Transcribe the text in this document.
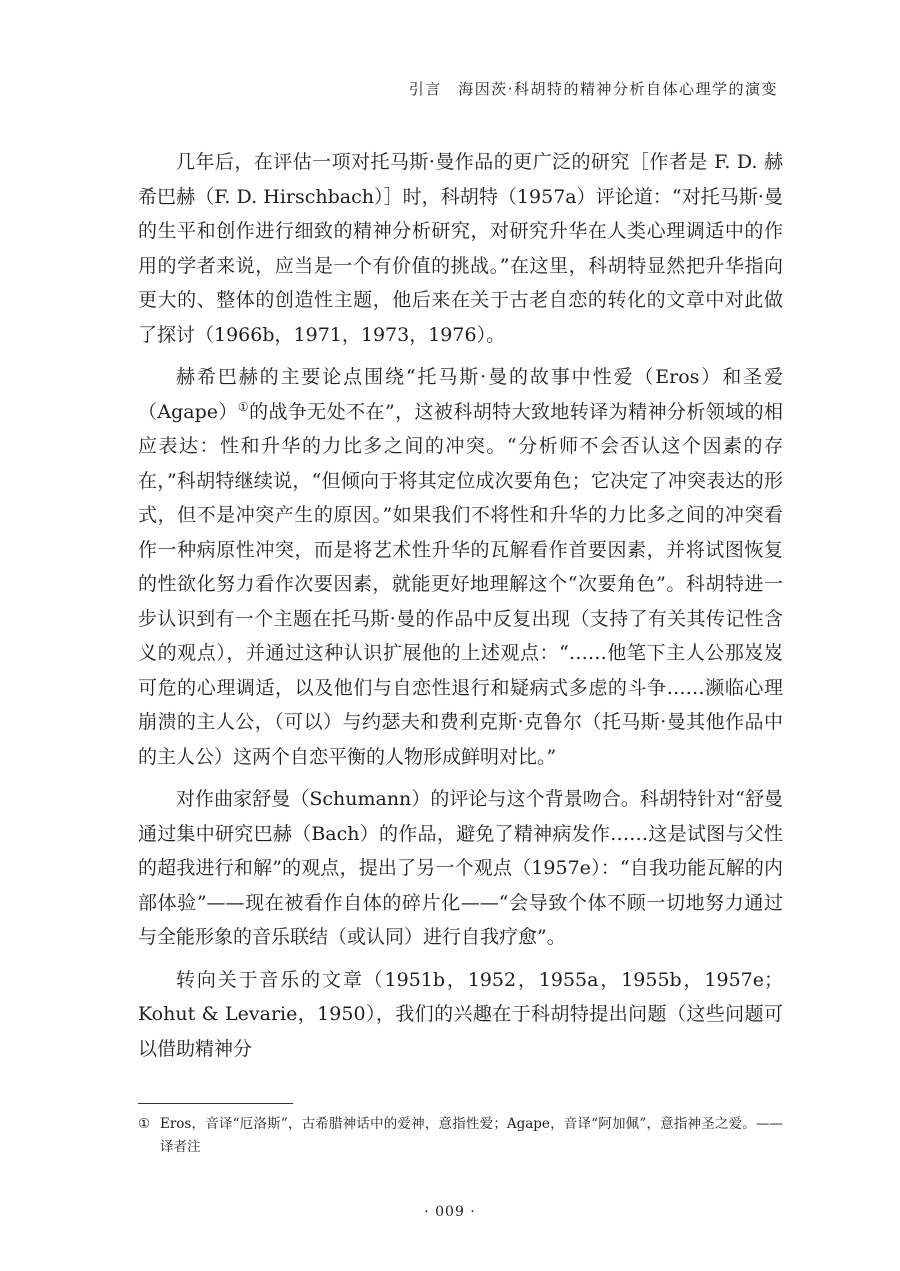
引言　海因茨·科胡特的精神分析自体心理学的演变

几年后，在评估一项对托马斯·曼作品的更广泛的研究［作者是 F. D. 赫希巴赫（F. D. Hirschbach）］时，科胡特（1957a）评论道：“对托马斯·曼的生平和创作进行细致的精神分析研究，对研究升华在人类心理调适中的作用的学者来说，应当是一个有价值的挑战。”在这里，科胡特显然把升华指向更大的、整体的创造性主题，他后来在关于古老自恋的转化的文章中对此做了探讨（1966b，1971，1973，1976）。

赫希巴赫的主要论点围绕“托马斯·曼的故事中性爱（Eros）和圣爱（Agape）①的战争无处不在”，这被科胡特大致地转译为精神分析领域的相应表达：性和升华的力比多之间的冲突。“分析师不会否认这个因素的存在，”科胡特继续说，“但倾向于将其定位成次要角色；它决定了冲突表达的形式，但不是冲突产生的原因。”如果我们不将性和升华的力比多之间的冲突看作一种病原性冲突，而是将艺术性升华的瓦解看作首要因素，并将试图恢复的性欲化努力看作次要因素，就能更好地理解这个“次要角色”。科胡特进一步认识到有一个主题在托马斯·曼的作品中反复出现（支持了有关其传记性含义的观点），并通过这种认识扩展他的上述观点：“……他笔下主人公那岌岌可危的心理调适，以及他们与自恋性退行和疑病式多虑的斗争……濒临心理崩溃的主人公，（可以）与约瑟夫和费利克斯·克鲁尔（托马斯·曼其他作品中的主人公）这两个自恋平衡的人物形成鲜明对比。”

对作曲家舒曼（Schumann）的评论与这个背景吻合。科胡特针对“舒曼通过集中研究巴赫（Bach）的作品，避免了精神病发作……这是试图与父性的超我进行和解”的观点，提出了另一个观点（1957e）：“自我功能瓦解的内部体验”——现在被看作自体的碎片化——“会导致个体不顾一切地努力通过与全能形象的音乐联结（或认同）进行自我疗愈”。

转向关于音乐的文章（1951b，1952，1955a，1955b，1957e；Kohut & Levarie，1950），我们的兴趣在于科胡特提出问题（这些问题可以借助精神分

① Eros，音译“厄洛斯”，古希腊神话中的爱神，意指性爱；Agape，音译“阿加佩”，意指神圣之爱。——译者注
· 009 ·
